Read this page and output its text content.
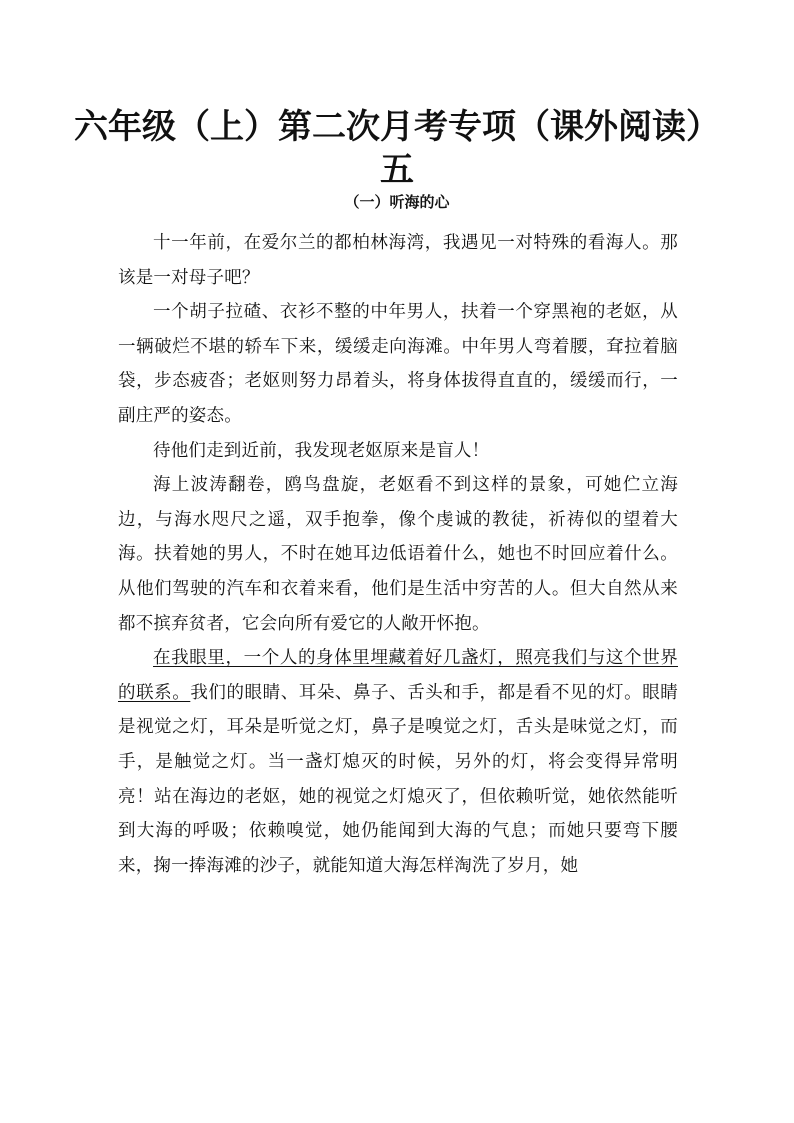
六年级（上）第二次月考专项（课外阅读）
五
（一）听海的心

十一年前，在爱尔兰的都柏林海湾，我遇见一对特殊的看海人。那该是一对母子吧？

一个胡子拉碴、衣衫不整的中年男人，扶着一个穿黑袍的老妪，从一辆破烂不堪的轿车下来，缓缓走向海滩。中年男人弯着腰，耷拉着脑袋，步态疲沓；老妪则努力昂着头，将身体拔得直直的，缓缓而行，一副庄严的姿态。

待他们走到近前，我发现老妪原来是盲人！

海上波涛翻卷，鸥鸟盘旋，老妪看不到这样的景象，可她伫立海边，与海水咫尺之遥，双手抱拳，像个虔诚的教徒，祈祷似的望着大海。扶着她的男人，不时在她耳边低语着什么，她也不时回应着什么。从他们驾驶的汽车和衣着来看，他们是生活中穷苦的人。但大自然从来都不摈弃贫者，它会向所有爱它的人敞开怀抱。

在我眼里，一个人的身体里埋藏着好几盏灯，照亮我们与这个世界的联系。我们的眼睛、耳朵、鼻子、舌头和手，都是看不见的灯。眼睛是视觉之灯，耳朵是听觉之灯，鼻子是嗅觉之灯，舌头是味觉之灯，而手，是触觉之灯。当一盏灯熄灭的时候，另外的灯，将会变得异常明亮！站在海边的老妪，她的视觉之灯熄灭了，但依赖听觉，她依然能听到大海的呼吸；依赖嗅觉，她仍能闻到大海的气息；而她只要弯下腰来，掬一捧海滩的沙子，就能知道大海怎样淘洗了岁月，她
